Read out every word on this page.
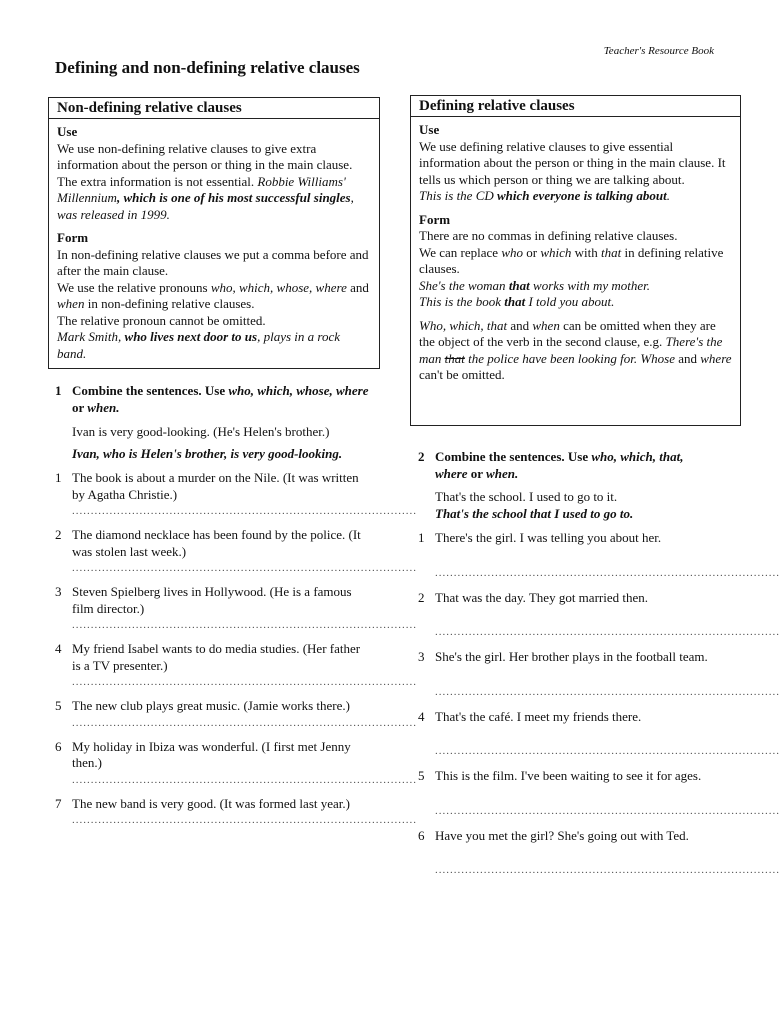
Teacher's Resource Book
Defining and non-defining relative clauses
Non-defining relative clauses

Use

We use non-defining relative clauses to give extra information about the person or thing in the main clause. The extra information is not essential. Robbie Williams' Millennium, which is one of his most successful singles, was released in 1999.

Form

In non-defining relative clauses we put a comma before and after the main clause.
We use the relative pronouns who, which, whose, where and when in non-defining relative clauses.
The relative pronoun cannot be omitted.
Mark Smith, who lives next door to us, plays in a rock band.

Defining relative clauses

Use

We use defining relative clauses to give essential information about the person or thing in the main clause. It tells us which person or thing we are talking about.
This is the CD which everyone is talking about.

Form

There are no commas in defining relative clauses.
We can replace who or which with that in defining relative clauses.
She's the woman that works with my mother.
This is the book that I told you about.

Who, which, that and when can be omitted when they are the object of the verb in the second clause, e.g. There's the man that the police have been looking for. Whose and where can't be omitted.

1 Combine the sentences. Use who, which, whose, where or when.
Ivan is very good-looking. (He's Helen's brother.)
Ivan, who is Helen's brother, is very good-looking.
1 The book is about a murder on the Nile. (It was written by Agatha Christie.)
............................................................................................
2 The diamond necklace has been found by the police. (It was stolen last week.)
............................................................................................
3 Steven Spielberg lives in Hollywood. (He is a famous film director.)
............................................................................................
4 My friend Isabel wants to do media studies. (Her father is a TV presenter.)
............................................................................................
5 The new club plays great music. (Jamie works there.)
............................................................................................
6 My holiday in Ibiza was wonderful. (I first met Jenny then.)
............................................................................................
7 The new band is very good. (It was formed last year.)
............................................................................................
2 Combine the sentences. Use who, which, that, where or when.
That's the school. I used to go to it.
That's the school that I used to go to.
1 There's the girl. I was telling you about her.
............................................................................................
2 That was the day. They got married then.
............................................................................................
3 She's the girl. Her brother plays in the football team.
............................................................................................
4 That's the café. I meet my friends there.
............................................................................................
5 This is the film. I've been waiting to see it for ages.
............................................................................................
6 Have you met the girl? She's going out with Ted.
............................................................................................
